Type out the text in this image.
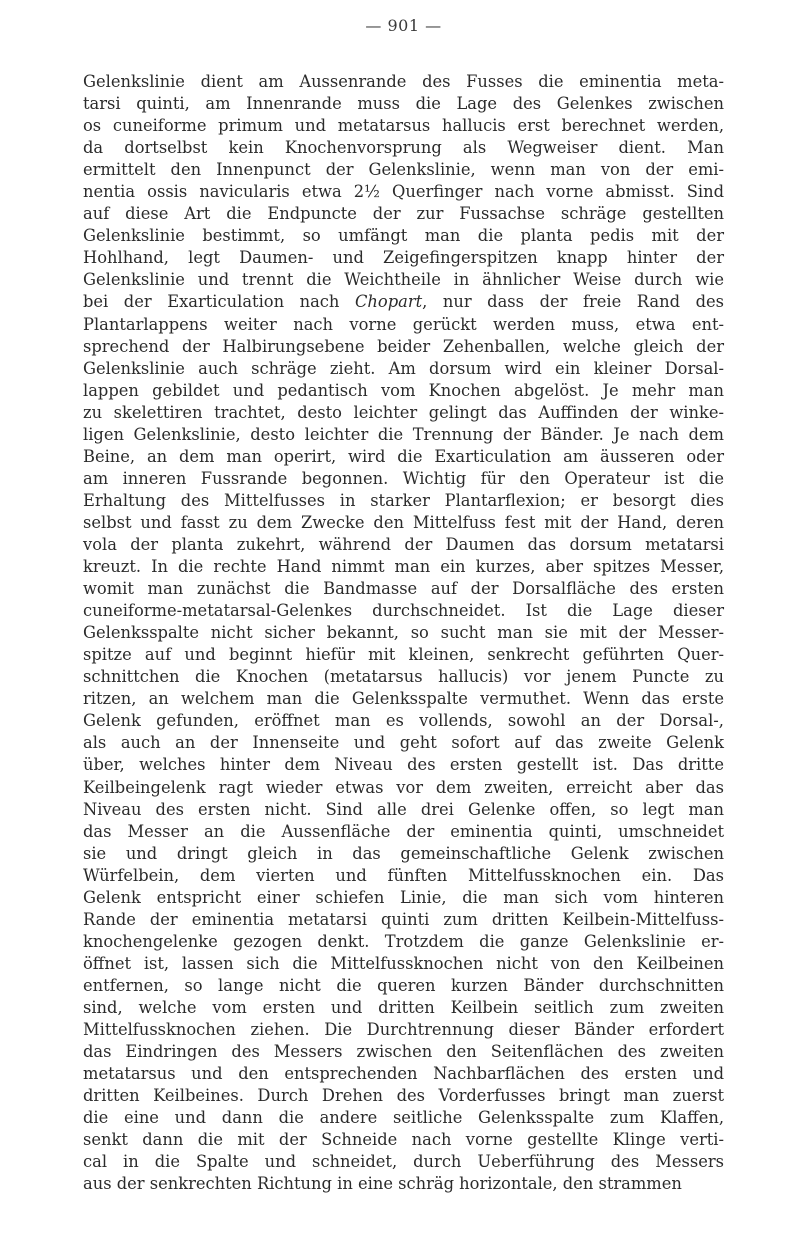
— 901 —
Gelenkslinie dient am Aussenrande des Fusses die eminentia meta-
tarsi quinti, am Innenrande muss die Lage des Gelenkes zwischen
os cuneiforme primum und metatarsus hallucis erst berechnet werden,
da dortselbst kein Knochenvorsprung als Wegweiser dient. Man
ermittelt den Innenpunct der Gelenkslinie, wenn man von der emi-
nentia ossis navicularis etwa 2½ Querfinger nach vorne abmisst. Sind
auf diese Art die Endpuncte der zur Fussachse schräge gestellten
Gelenkslinie bestimmt, so umfängt man die planta pedis mit der
Hohlhand, legt Daumen- und Zeigefingerspitzen knapp hinter der
Gelenkslinie und trennt die Weichtheile in ähnlicher Weise durch wie
bei der Exarticulation nach Chopart, nur dass der freie Rand des
Plantarlappens weiter nach vorne gerückt werden muss, etwa ent-
sprechend der Halbirungsebene beider Zehenballen, welche gleich der
Gelenkslinie auch schräge zieht. Am dorsum wird ein kleiner Dorsal-
lappen gebildet und pedantisch vom Knochen abgelöst. Je mehr man
zu skelettiren trachtet, desto leichter gelingt das Auffinden der winke-
ligen Gelenkslinie, desto leichter die Trennung der Bänder. Je nach dem
Beine, an dem man operirt, wird die Exarticulation am äusseren oder
am inneren Fussrande begonnen. Wichtig für den Operateur ist die
Erhaltung des Mittelfusses in starker Plantarflexion; er besorgt dies
selbst und fasst zu dem Zwecke den Mittelfuss fest mit der Hand, deren
vola der planta zukehrt, während der Daumen das dorsum metatarsi
kreuzt. In die rechte Hand nimmt man ein kurzes, aber spitzes Messer,
womit man zunächst die Bandmasse auf der Dorsalfläche des ersten
cuneiforme-metatarsal-Gelenkes durchschneidet. Ist die Lage dieser
Gelenksspalte nicht sicher bekannt, so sucht man sie mit der Messer-
spitze auf und beginnt hiefür mit kleinen, senkrecht geführten Quer-
schnittchen die Knochen (metatarsus hallucis) vor jenem Puncte zu
ritzen, an welchem man die Gelenksspalte vermuthet. Wenn das erste
Gelenk gefunden, eröffnet man es vollends, sowohl an der Dorsal-,
als auch an der Innenseite und geht sofort auf das zweite Gelenk
über, welches hinter dem Niveau des ersten gestellt ist. Das dritte
Keilbeingelenk ragt wieder etwas vor dem zweiten, erreicht aber das
Niveau des ersten nicht. Sind alle drei Gelenke offen, so legt man
das Messer an die Aussenfläche der eminentia quinti, umschneidet
sie und dringt gleich in das gemeinschaftliche Gelenk zwischen
Würfelbein, dem vierten und fünften Mittelfussknochen ein. Das
Gelenk entspricht einer schiefen Linie, die man sich vom hinteren
Rande der eminentia metatarsi quinti zum dritten Keilbein-Mittelfuss-
knochengelenke gezogen denkt. Trotzdem die ganze Gelenkslinie er-
öffnet ist, lassen sich die Mittelfussknochen nicht von den Keilbeinen
entfernen, so lange nicht die queren kurzen Bänder durchschnitten
sind, welche vom ersten und dritten Keilbein seitlich zum zweiten
Mittelfussknochen ziehen. Die Durchtrennung dieser Bänder erfordert
das Eindringen des Messers zwischen den Seitenflächen des zweiten
metatarsus und den entsprechenden Nachbarflächen des ersten und
dritten Keilbeines. Durch Drehen des Vorderfusses bringt man zuerst
die eine und dann die andere seitliche Gelenksspalte zum Klaffen,
senkt dann die mit der Schneide nach vorne gestellte Klinge verti-
cal in die Spalte und schneidet, durch Ueberführung des Messers
aus der senkrechten Richtung in eine schräg horizontale, den strammen
